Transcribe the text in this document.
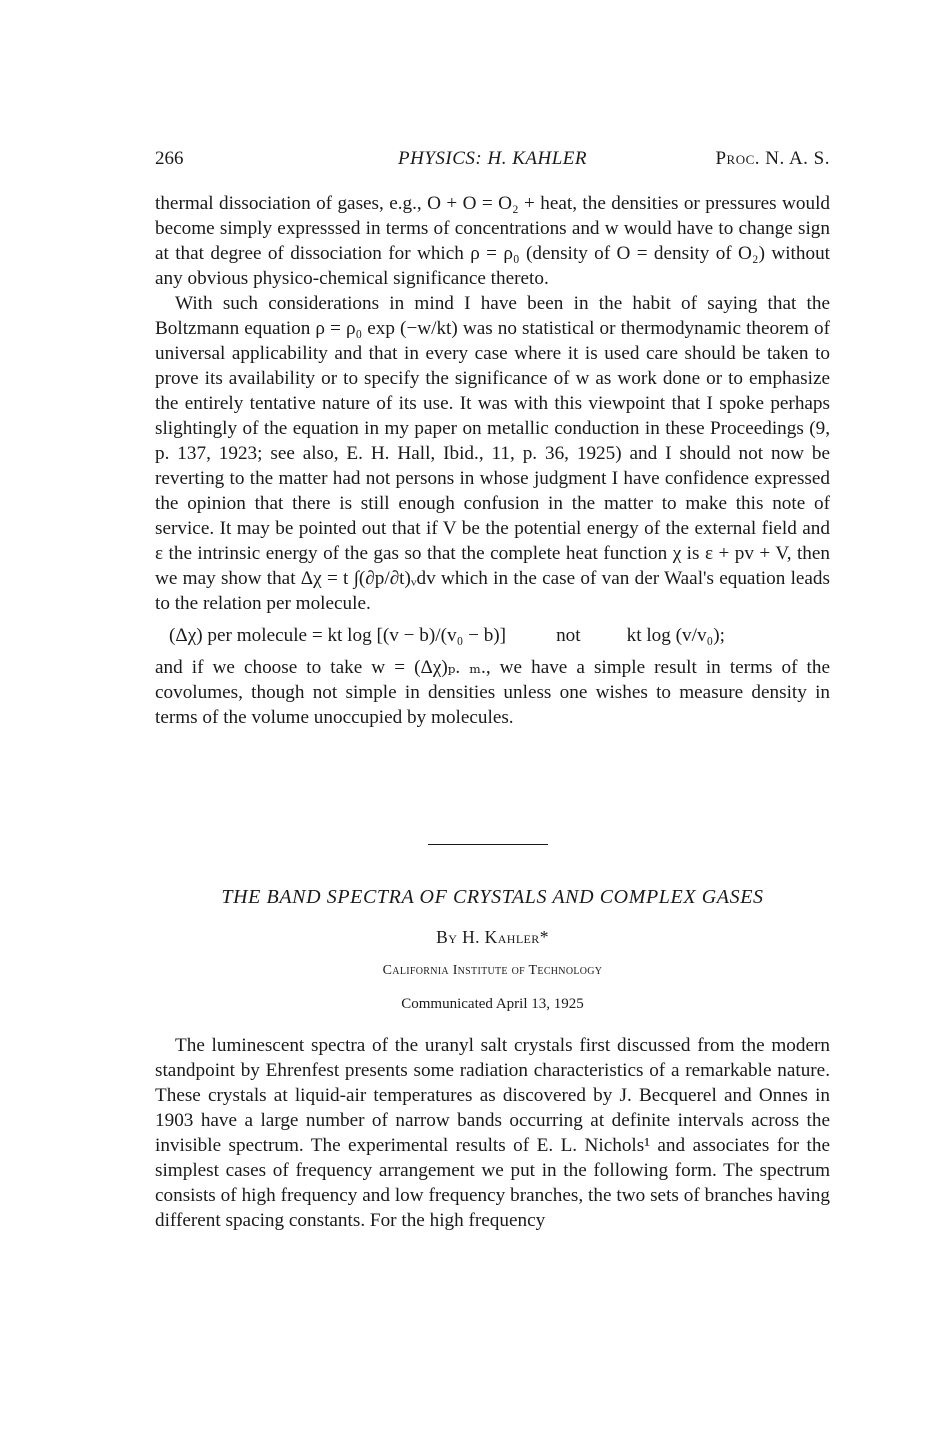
266	PHYSICS: H. KAHLER	Proc. N. A. S.

thermal dissociation of gases, e.g., O + O = O₂ + heat, the densities or pressures would become simply expresssed in terms of concentrations and w would have to change sign at that degree of dissociation for which ρ = ρ₀ (density of O = density of O₂) without any obvious physico-chemical significance thereto.

With such considerations in mind I have been in the habit of saying that the Boltzmann equation ρ = ρ₀ exp (−w/kt) was no statistical or thermodynamic theorem of universal applicability and that in every case where it is used care should be taken to prove its availability or to specify the significance of w as work done or to emphasize the entirely tentative nature of its use. It was with this viewpoint that I spoke perhaps slightingly of the equation in my paper on metallic conduction in these Proceedings (9, p. 137, 1923; see also, E. H. Hall, Ibid., 11, p. 36, 1925) and I should not now be reverting to the matter had not persons in whose judgment I have confidence expressed the opinion that there is still enough confusion in the matter to make this note of service. It may be pointed out that if V be the potential energy of the external field and ε the intrinsic energy of the gas so that the complete heat function χ is ε + pv + V, then we may show that Δχ = t ∫(∂p/∂t)ᵥdv which in the case of van der Waal's equation leads to the relation per molecule.

(Δχ) per molecule = kt log [(v − b)/(v₀ − b)]	not kt log (v/v₀);

and if we choose to take w = (Δχ)ₚ. ₘ., we have a simple result in terms of the covolumes, though not simple in densities unless one wishes to measure density in terms of the volume unoccupied by molecules.

THE BAND SPECTRA OF CRYSTALS AND COMPLEX GASES
By H. Kahler*
California Institute of Technology
Communicated April 13, 1925

The luminescent spectra of the uranyl salt crystals first discussed from the modern standpoint by Ehrenfest presents some radiation characteristics of a remarkable nature. These crystals at liquid-air temperatures as discovered by J. Becquerel and Onnes in 1903 have a large number of narrow bands occurring at definite intervals across the invisible spectrum. The experimental results of E. L. Nichols¹ and associates for the simplest cases of frequency arrangement we put in the following form. The spectrum consists of high frequency and low frequency branches, the two sets of branches having different spacing constants. For the high frequency
